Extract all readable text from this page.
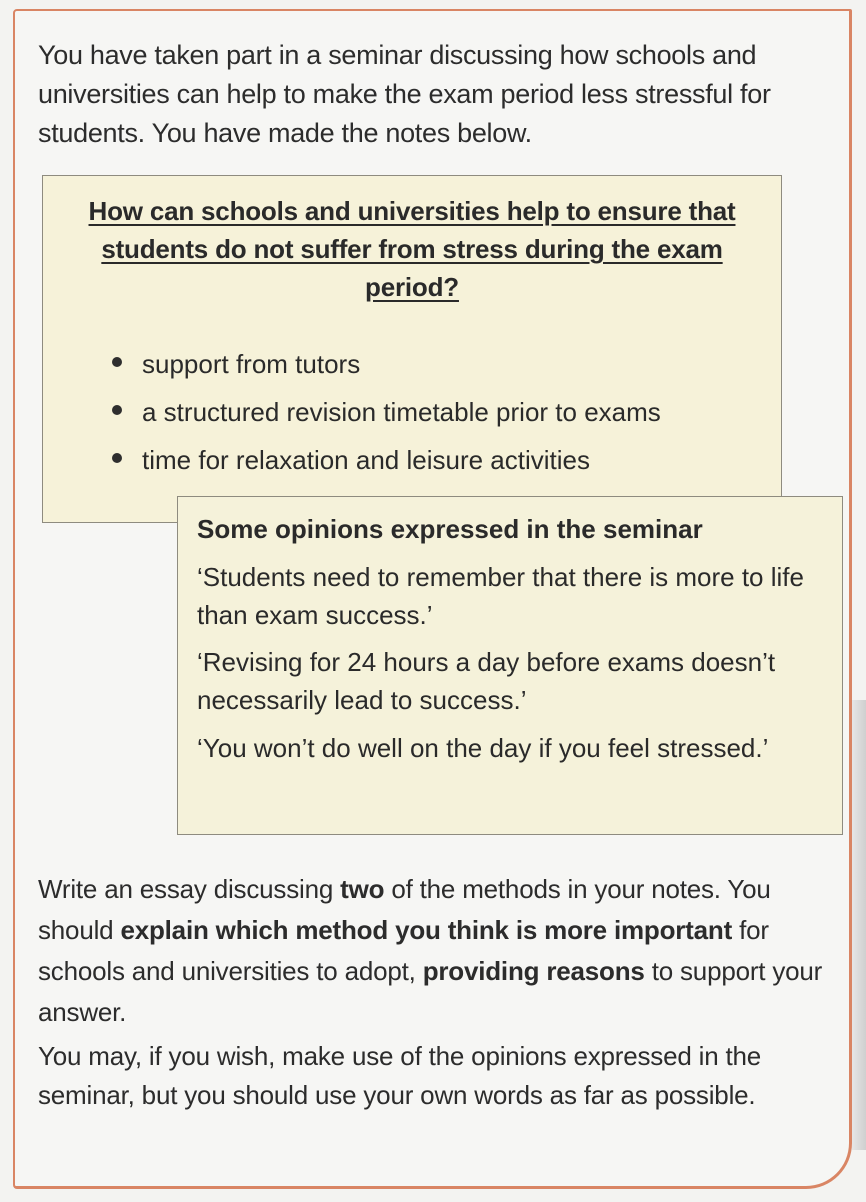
You have taken part in a seminar discussing how schools and universities can help to make the exam period less stressful for students. You have made the notes below.

How can schools and universities help to ensure that students do not suffer from stress during the exam period?

support from tutors
a structured revision timetable prior to exams
time for relaxation and leisure activities

Some opinions expressed in the seminar

‘Students need to remember that there is more to life than exam success.’

‘Revising for 24 hours a day before exams doesn’t necessarily lead to success.’

‘You won’t do well on the day if you feel stressed.’

Write an essay discussing two of the methods in your notes. You should explain which method you think is more important for schools and universities to adopt, providing reasons to support your answer.

You may, if you wish, make use of the opinions expressed in the seminar, but you should use your own words as far as possible.
